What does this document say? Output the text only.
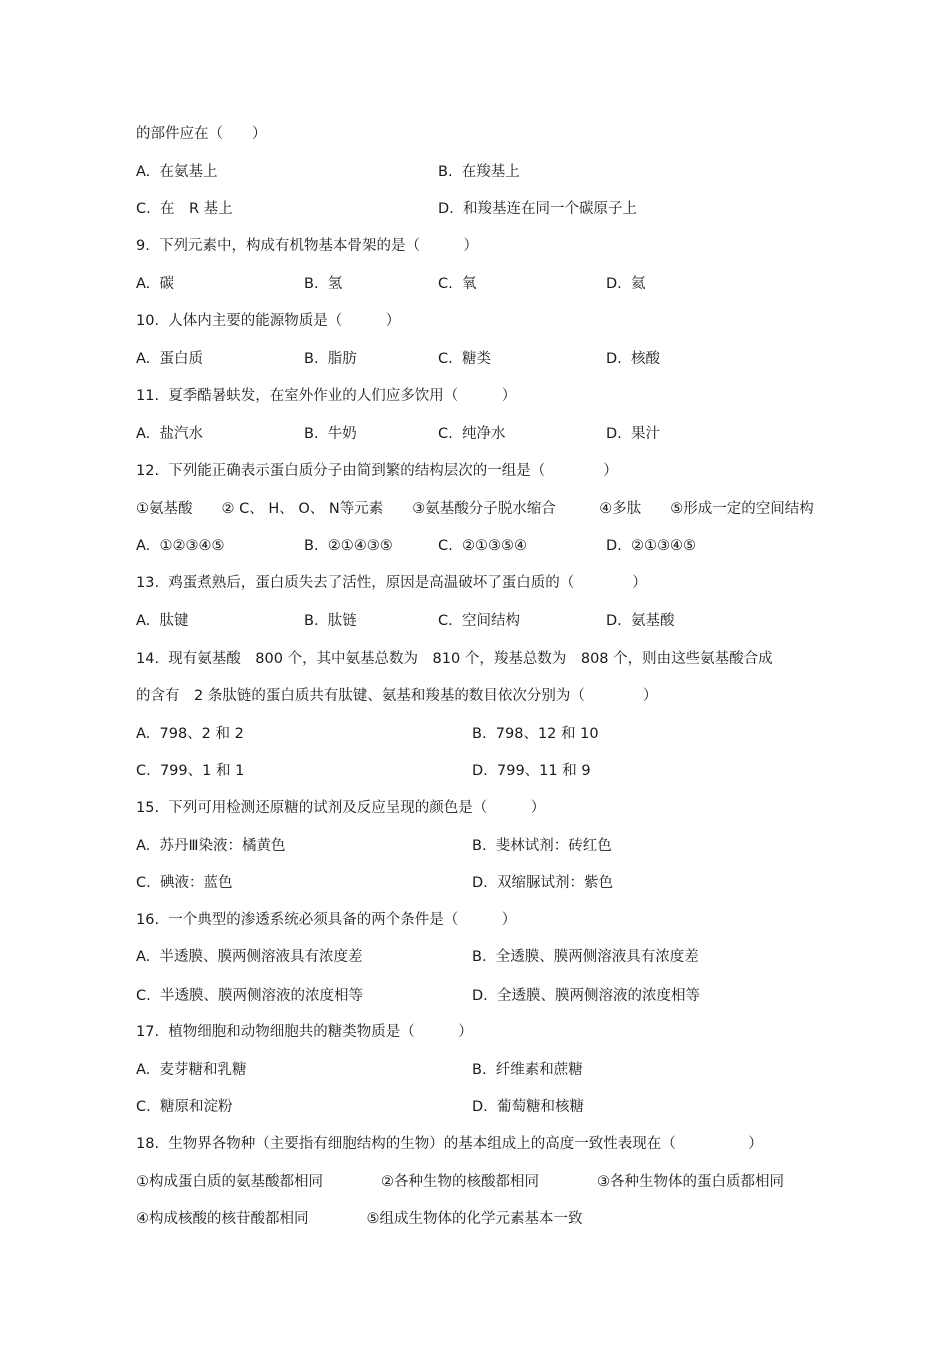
的部件应在（　　）
A.  在氨基上	B.  在羧基上
C.  在　R 基上	D.  和羧基连在同一个碳原子上
9.  下列元素中，构成有机物基本骨架的是（　　　）
A.  碳	B.  氢	C.  氧	D.  氦
10.  人体内主要的能源物质是（　　　）
A.  蛋白质	B.  脂肪	C.  糖类	D.  核酸
11.  夏季酷暑蚨发，在室外作业的人们应多饮用（　　　）
A.  盐汽水	B.  牛奶	C.  纯净水	D.  果汁
12.  下列能正确表示蛋白质分子由简到繁的结构层次的一组是（　　　　）
①氨基酸　　② C、 H、 O、 N等元素　　③氨基酸分子脱水缩合　　　④多肽　　⑤形成一定的空间结构
A.  ①②③④⑤	B.  ②①④③⑤	C.  ②①③⑤④	D.  ②①③④⑤
13.  鸡蛋煮熟后，蛋白质失去了活性，原因是高温破坏了蛋白质的（　　　　）
A.  肽键	B.  肽链	C.  空间结构	D.  氨基酸
14.  现有氨基酸　800 个，其中氨基总数为　810 个，羧基总数为　808 个，则由这些氨基酸合成
的含有　2 条肽链的蛋白质共有肽键、氨基和羧基的数目依次分别为（　　　　）
A.  798、2 和 2	B.  798、12 和 10
C.  799、1 和 1	D.  799、11 和 9
15.  下列可用检测还原糖的试剂及反应呈现的颜色是（　　　）
A.  苏丹Ⅲ染液：橘黄色	B.  斐林试剂：砖红色
C.  碘液：蓝色	D.  双缩脲试剂：紫色
16.  一个典型的渗透系统必须具备的两个条件是（　　　）
A.  半透膜、膜两侧溶液具有浓度差	B.  全透膜、膜两侧溶液具有浓度差
C.  半透膜、膜两侧溶液的浓度相等	D.  全透膜、膜两侧溶液的浓度相等
17.  植物细胞和动物细胞共的糖类物质是（　　　）
A.  麦芽糖和乳糖	B.  纤维素和蔗糖
C.  糖原和淀粉	D.  葡萄糖和核糖
18.  生物界各物种（主要指有细胞结构的生物）的基本组成上的高度一致性表现在（　　　　　）
①构成蛋白质的氨基酸都相同　　　　②各种生物的核酸都相同　　　　③各种生物体的蛋白质都相同
④构成核酸的核苷酸都相同　　　　⑤组成生物体的化学元素基本一致
